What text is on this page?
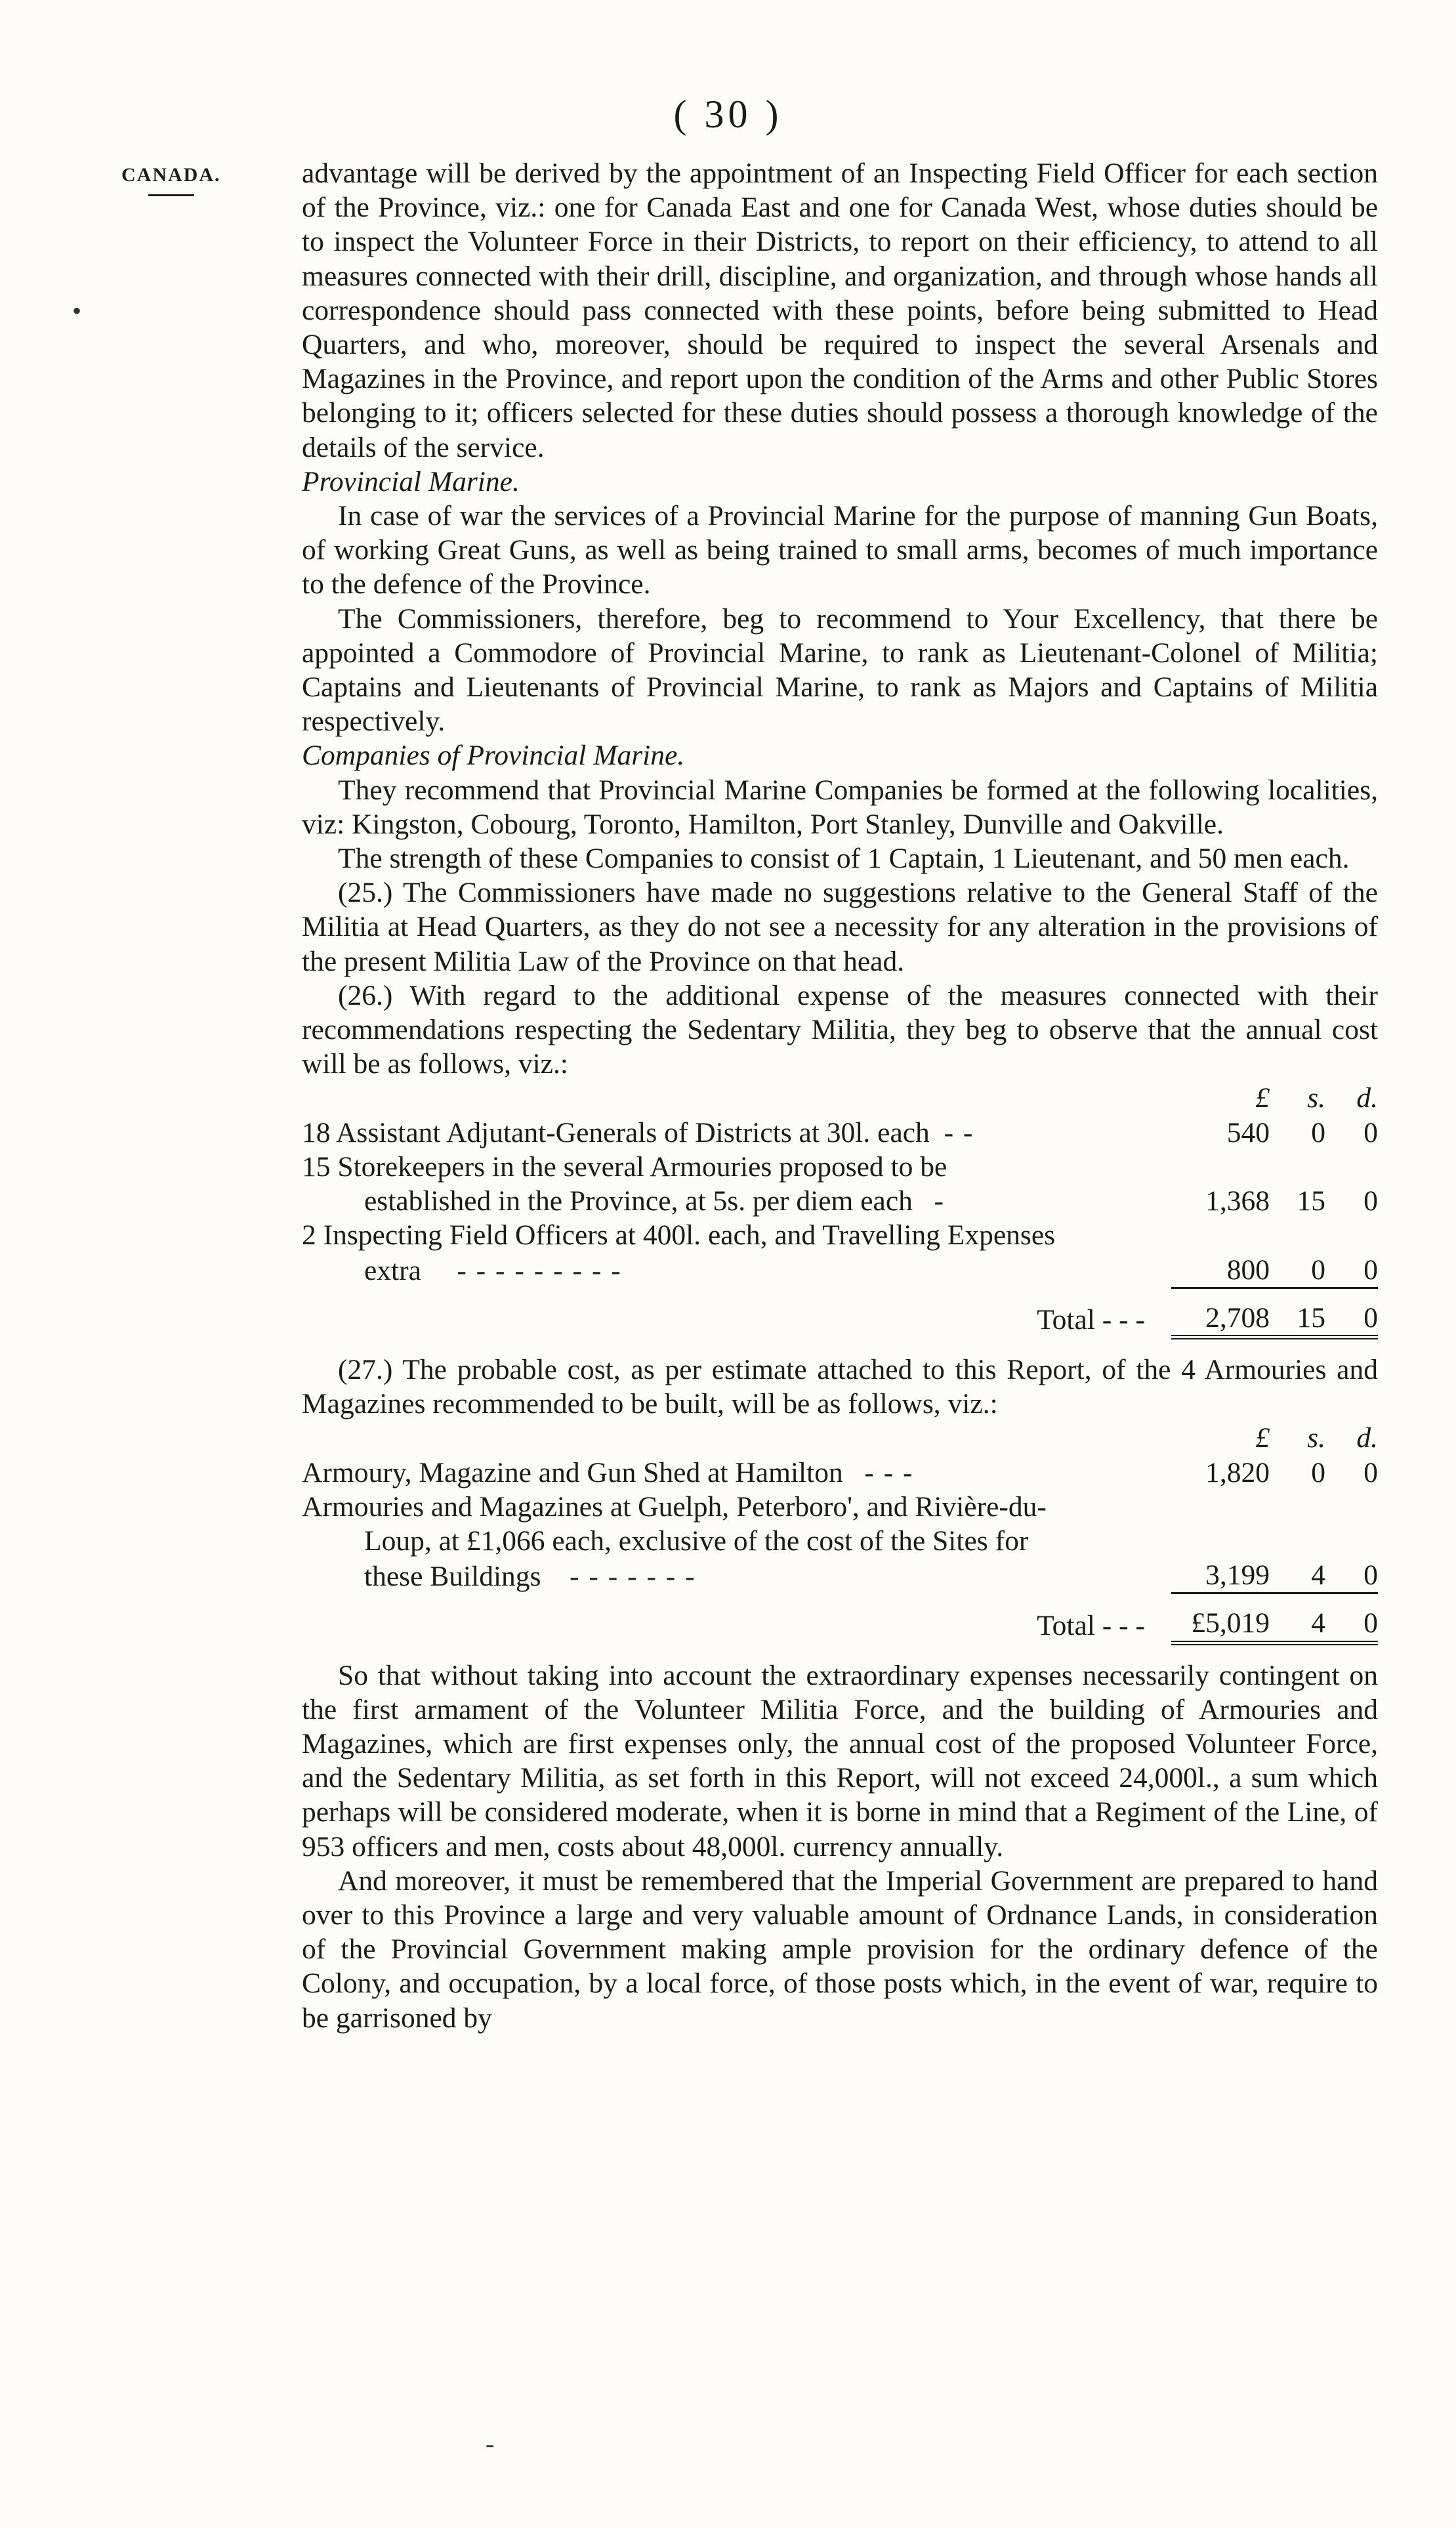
( 30 )
CANADA.
•

advantage will be derived by the appointment of an Inspecting Field Officer for each section of the Province, viz.: one for Canada East and one for Canada West, whose duties should be to inspect the Volunteer Force in their Districts, to report on their efficiency, to attend to all measures connected with their drill, discipline, and organization, and through whose hands all correspondence should pass connected with these points, before being submitted to Head Quarters, and who, moreover, should be required to inspect the several Arsenals and Magazines in the Province, and report upon the condition of the Arms and other Public Stores belonging to it; officers selected for these duties should possess a thorough knowledge of the details of the service.

Provincial Marine.

In case of war the services of a Provincial Marine for the purpose of manning Gun Boats, of working Great Guns, as well as being trained to small arms, becomes of much importance to the defence of the Province.

The Commissioners, therefore, beg to recommend to Your Excellency, that there be appointed a Commodore of Provincial Marine, to rank as Lieutenant-Colonel of Militia; Captains and Lieutenants of Provincial Marine, to rank as Majors and Captains of Militia respectively.

Companies of Provincial Marine.

They recommend that Provincial Marine Companies be formed at the following localities, viz: Kingston, Cobourg, Toronto, Hamilton, Port Stanley, Dunville and Oakville.

The strength of these Companies to consist of 1 Captain, 1 Lieutenant, and 50 men each.

(25.) The Commissioners have made no suggestions relative to the General Staff of the Militia at Head Quarters, as they do not see a necessity for any alteration in the provisions of the present Militia Law of the Province on that head.

(26.) With regard to the additional expense of the measures connected with their recommendations respecting the Sedentary Militia, they beg to observe that the annual cost will be as follows, viz.:

	£	s.	d.
18 Assistant Adjutant-Generals of Districts at 30l. each - -	540	0	0
15 Storekeepers in the several Armouries proposed to be			
established in the Province, at 5s. per diem each -	1,368	15	0
2 Inspecting Field Officers at 400l. each, and Travelling Expenses			
extra - - - - - - - - -	800	0	0
Total - - -	2,708	15	0

(27.) The probable cost, as per estimate attached to this Report, of the 4 Armouries and Magazines recommended to be built, will be as follows, viz.:

	£	s.	d.
Armoury, Magazine and Gun Shed at Hamilton - - -	1,820	0	0
Armouries and Magazines at Guelph, Peterboro', and Rivière-du-			
Loup, at £1,066 each, exclusive of the cost of the Sites for			
these Buildings - - - - - - -	3,199	4	0
Total - - -	£5,019	4	0

So that without taking into account the extraordinary expenses necessarily contingent on the first armament of the Volunteer Militia Force, and the building of Armouries and Magazines, which are first expenses only, the annual cost of the proposed Volunteer Force, and the Sedentary Militia, as set forth in this Report, will not exceed 24,000l., a sum which perhaps will be considered moderate, when it is borne in mind that a Regiment of the Line, of 953 officers and men, costs about 48,000l. currency annually.

And moreover, it must be remembered that the Imperial Government are prepared to hand over to this Province a large and very valuable amount of Ordnance Lands, in consideration of the Provincial Government making ample provision for the ordinary defence of the Colony, and occupation, by a local force, of those posts which, in the event of war, require to be garrisoned by

-
